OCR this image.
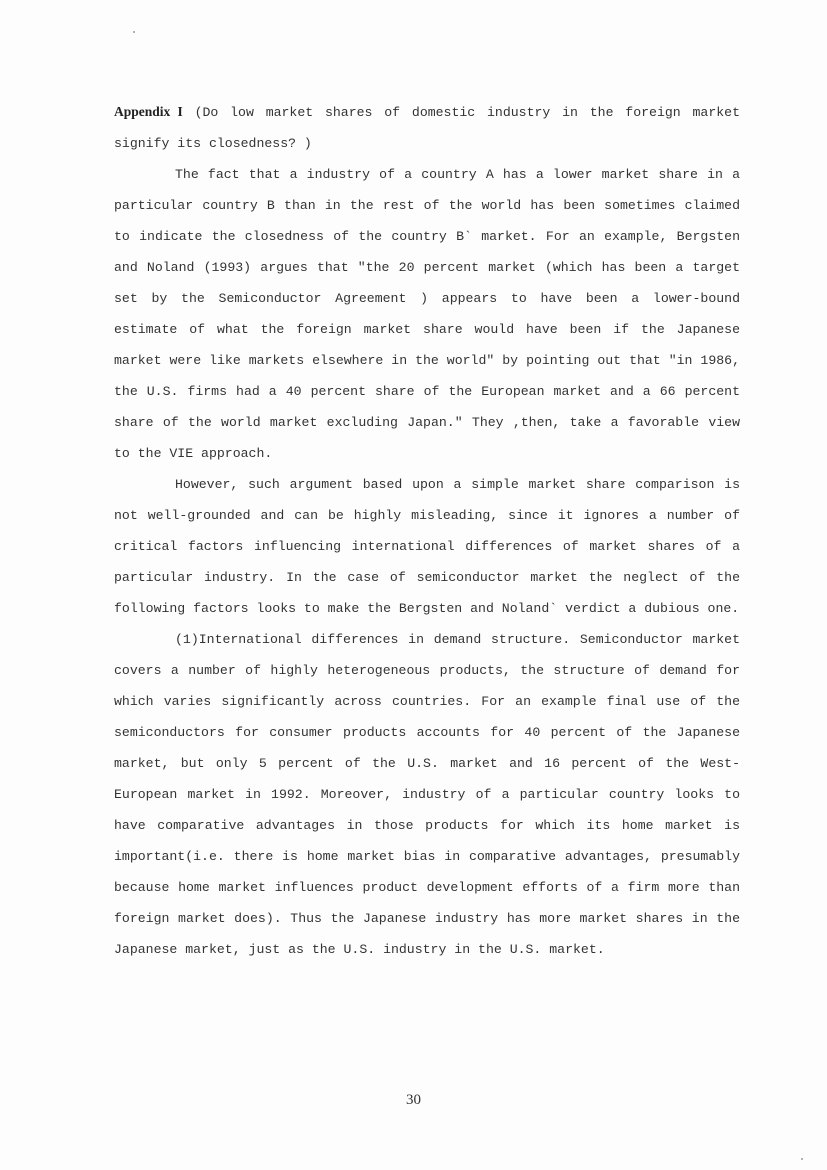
Appendix I (Do low market shares of domestic industry in the foreign market signify its closedness? )

The fact that a industry of a country A has a lower market share in a particular country B than in the rest of the world has been sometimes claimed to indicate the closedness of the country B` market. For an example, Bergsten and Noland (1993) argues that "the 20 percent market (which has been a target set by the Semiconductor Agreement ) appears to have been a lower-bound estimate of what the foreign market share would have been if the Japanese market were like markets elsewhere in the world" by pointing out that "in 1986, the U.S. firms had a 40 percent share of the European market and a 66 percent share of the world market excluding Japan." They ,then, take a favorable view to the VIE approach.

However, such argument based upon a simple market share comparison is not well-grounded and can be highly misleading, since it ignores a number of critical factors influencing international differences of market shares of a particular industry. In the case of semiconductor market the neglect of the following factors looks to make the Bergsten and Noland` verdict a dubious one.

(1)International differences in demand structure. Semiconductor market covers a number of highly heterogeneous products, the structure of demand for which varies significantly across countries. For an example final use of the semiconductors for consumer products accounts for 40 percent of the Japanese market, but only 5 percent of the U.S. market and 16 percent of the West-European market in 1992. Moreover, industry of a particular country looks to have comparative advantages in those products for which its home market is important(i.e. there is home market bias in comparative advantages, presumably because home market influences product development efforts of a firm more than foreign market does). Thus the Japanese industry has more market shares in the Japanese market, just as the U.S. industry in the U.S. market.

30
